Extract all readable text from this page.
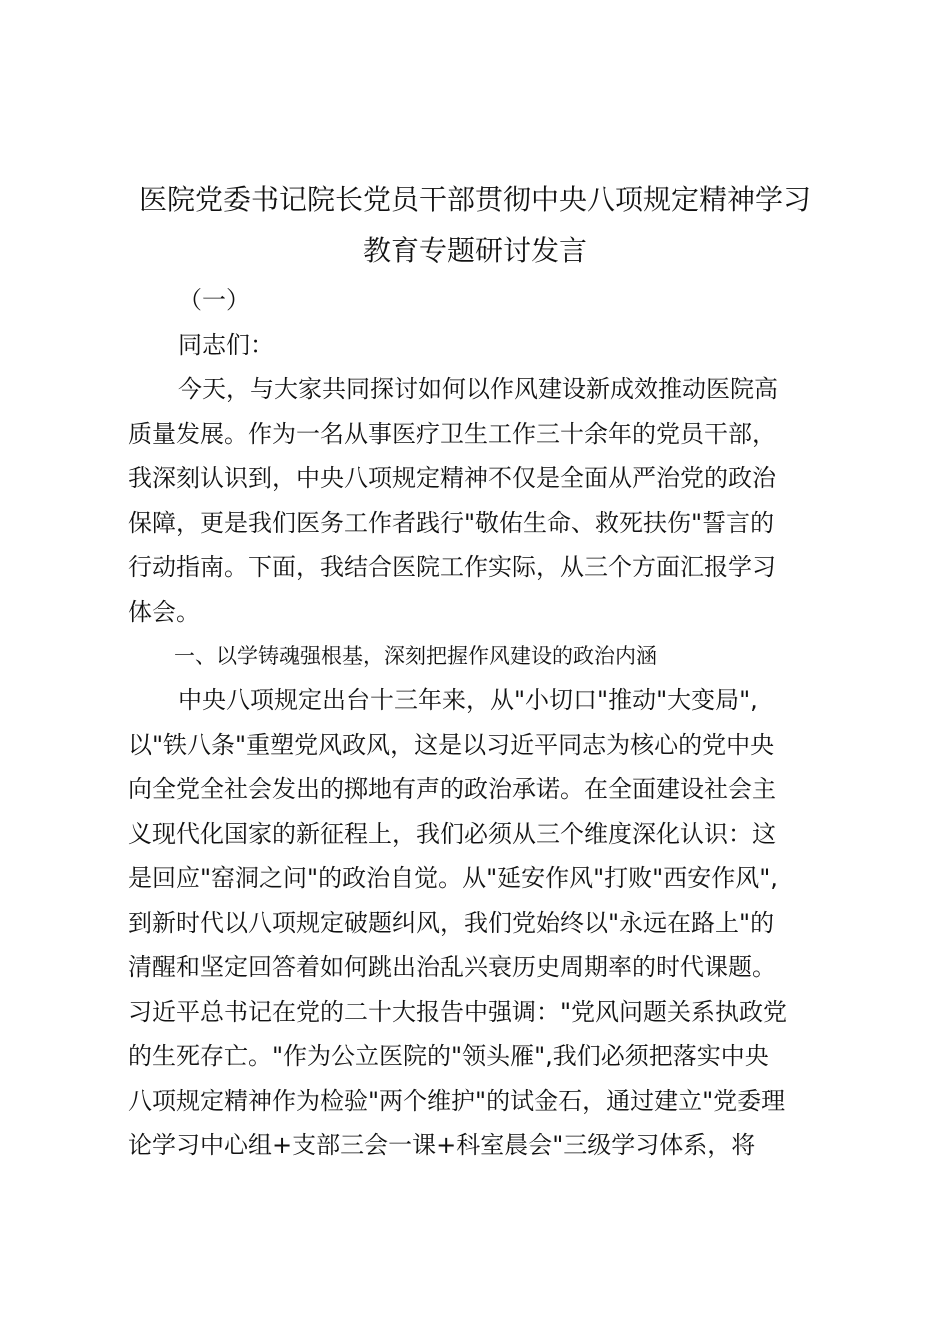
医院党委书记院长党员干部贯彻中央八项规定精神学习
教育专题研讨发言

（一）

同志们：

今天，与大家共同探讨如何以作风建设新成效推动医院高
质量发展。作为一名从事医疗卫生工作三十余年的党员干部，
我深刻认识到，中央八项规定精神不仅是全面从严治党的政治
保障，更是我们医务工作者践行"敬佑生命、救死扶伤"誓言的
行动指南。下面，我结合医院工作实际，从三个方面汇报学习
体会。

一、以学铸魂强根基，深刻把握作风建设的政治内涵

中央八项规定出台十三年来，从"小切口"推动"大变局",
以"铁八条"重塑党风政风，这是以习近平同志为核心的党中央
向全党全社会发出的掷地有声的政治承诺。在全面建设社会主
义现代化国家的新征程上，我们必须从三个维度深化认识：这
是回应"窑洞之问"的政治自觉。从"延安作风"打败"西安作风",
到新时代以八项规定破题纠风，我们党始终以"永远在路上"的
清醒和坚定回答着如何跳出治乱兴衰历史周期率的时代课题。
习近平总书记在党的二十大报告中强调："党风问题关系执政党
的生死存亡。"作为公立医院的"领头雁",我们必须把落实中央
八项规定精神作为检验"两个维护"的试金石，通过建立"党委理
论学习中心组+支部三会一课+科室晨会"三级学习体系，将
